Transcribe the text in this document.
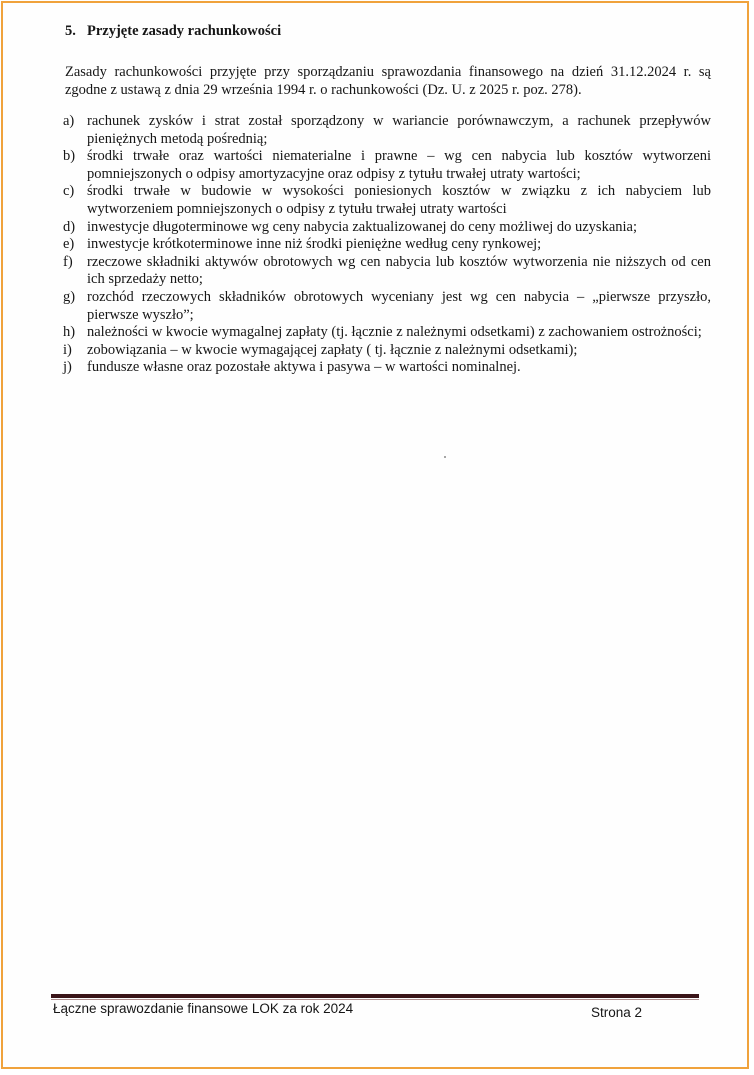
5. Przyjęte zasady rachunkowości

Zasady rachunkowości przyjęte przy sporządzaniu sprawozdania finansowego na dzień 31.12.2024 r. są zgodne z ustawą z dnia 29 września 1994 r. o rachunkowości (Dz. U. z 2025 r. poz. 278).

a) rachunek zysków i strat został sporządzony w wariancie porównawczym, a rachunek przepływów pieniężnych metodą pośrednią;
b) środki trwałe oraz wartości niematerialne i prawne – wg cen nabycia lub kosztów wytworzeni pomniejszonych o odpisy amortyzacyjne oraz odpisy z tytułu trwałej utraty wartości;
c) środki trwałe w budowie w wysokości poniesionych kosztów w związku z ich nabyciem lub wytworzeniem pomniejszonych o odpisy z tytułu trwałej utraty wartości
d) inwestycje długoterminowe wg ceny nabycia zaktualizowanej do ceny możliwej do uzyskania;
e) inwestycje krótkoterminowe inne niż środki pieniężne według ceny rynkowej;
f) rzeczowe składniki aktywów obrotowych wg cen nabycia lub kosztów wytworzenia nie niższych od cen ich sprzedaży netto;
g) rozchód rzeczowych składników obrotowych wyceniany jest wg cen nabycia – „pierwsze przyszło, pierwsze wyszło”;
h) należności w kwocie wymagalnej zapłaty (tj. łącznie z należnymi odsetkami) z zachowaniem ostrożności;
i) zobowiązania – w kwocie wymagającej zapłaty ( tj. łącznie z należnymi odsetkami);
j) fundusze własne oraz pozostałe aktywa i pasywa – w wartości nominalnej.
Łączne sprawozdanie finansowe LOK za rok 2024	Strona 2
